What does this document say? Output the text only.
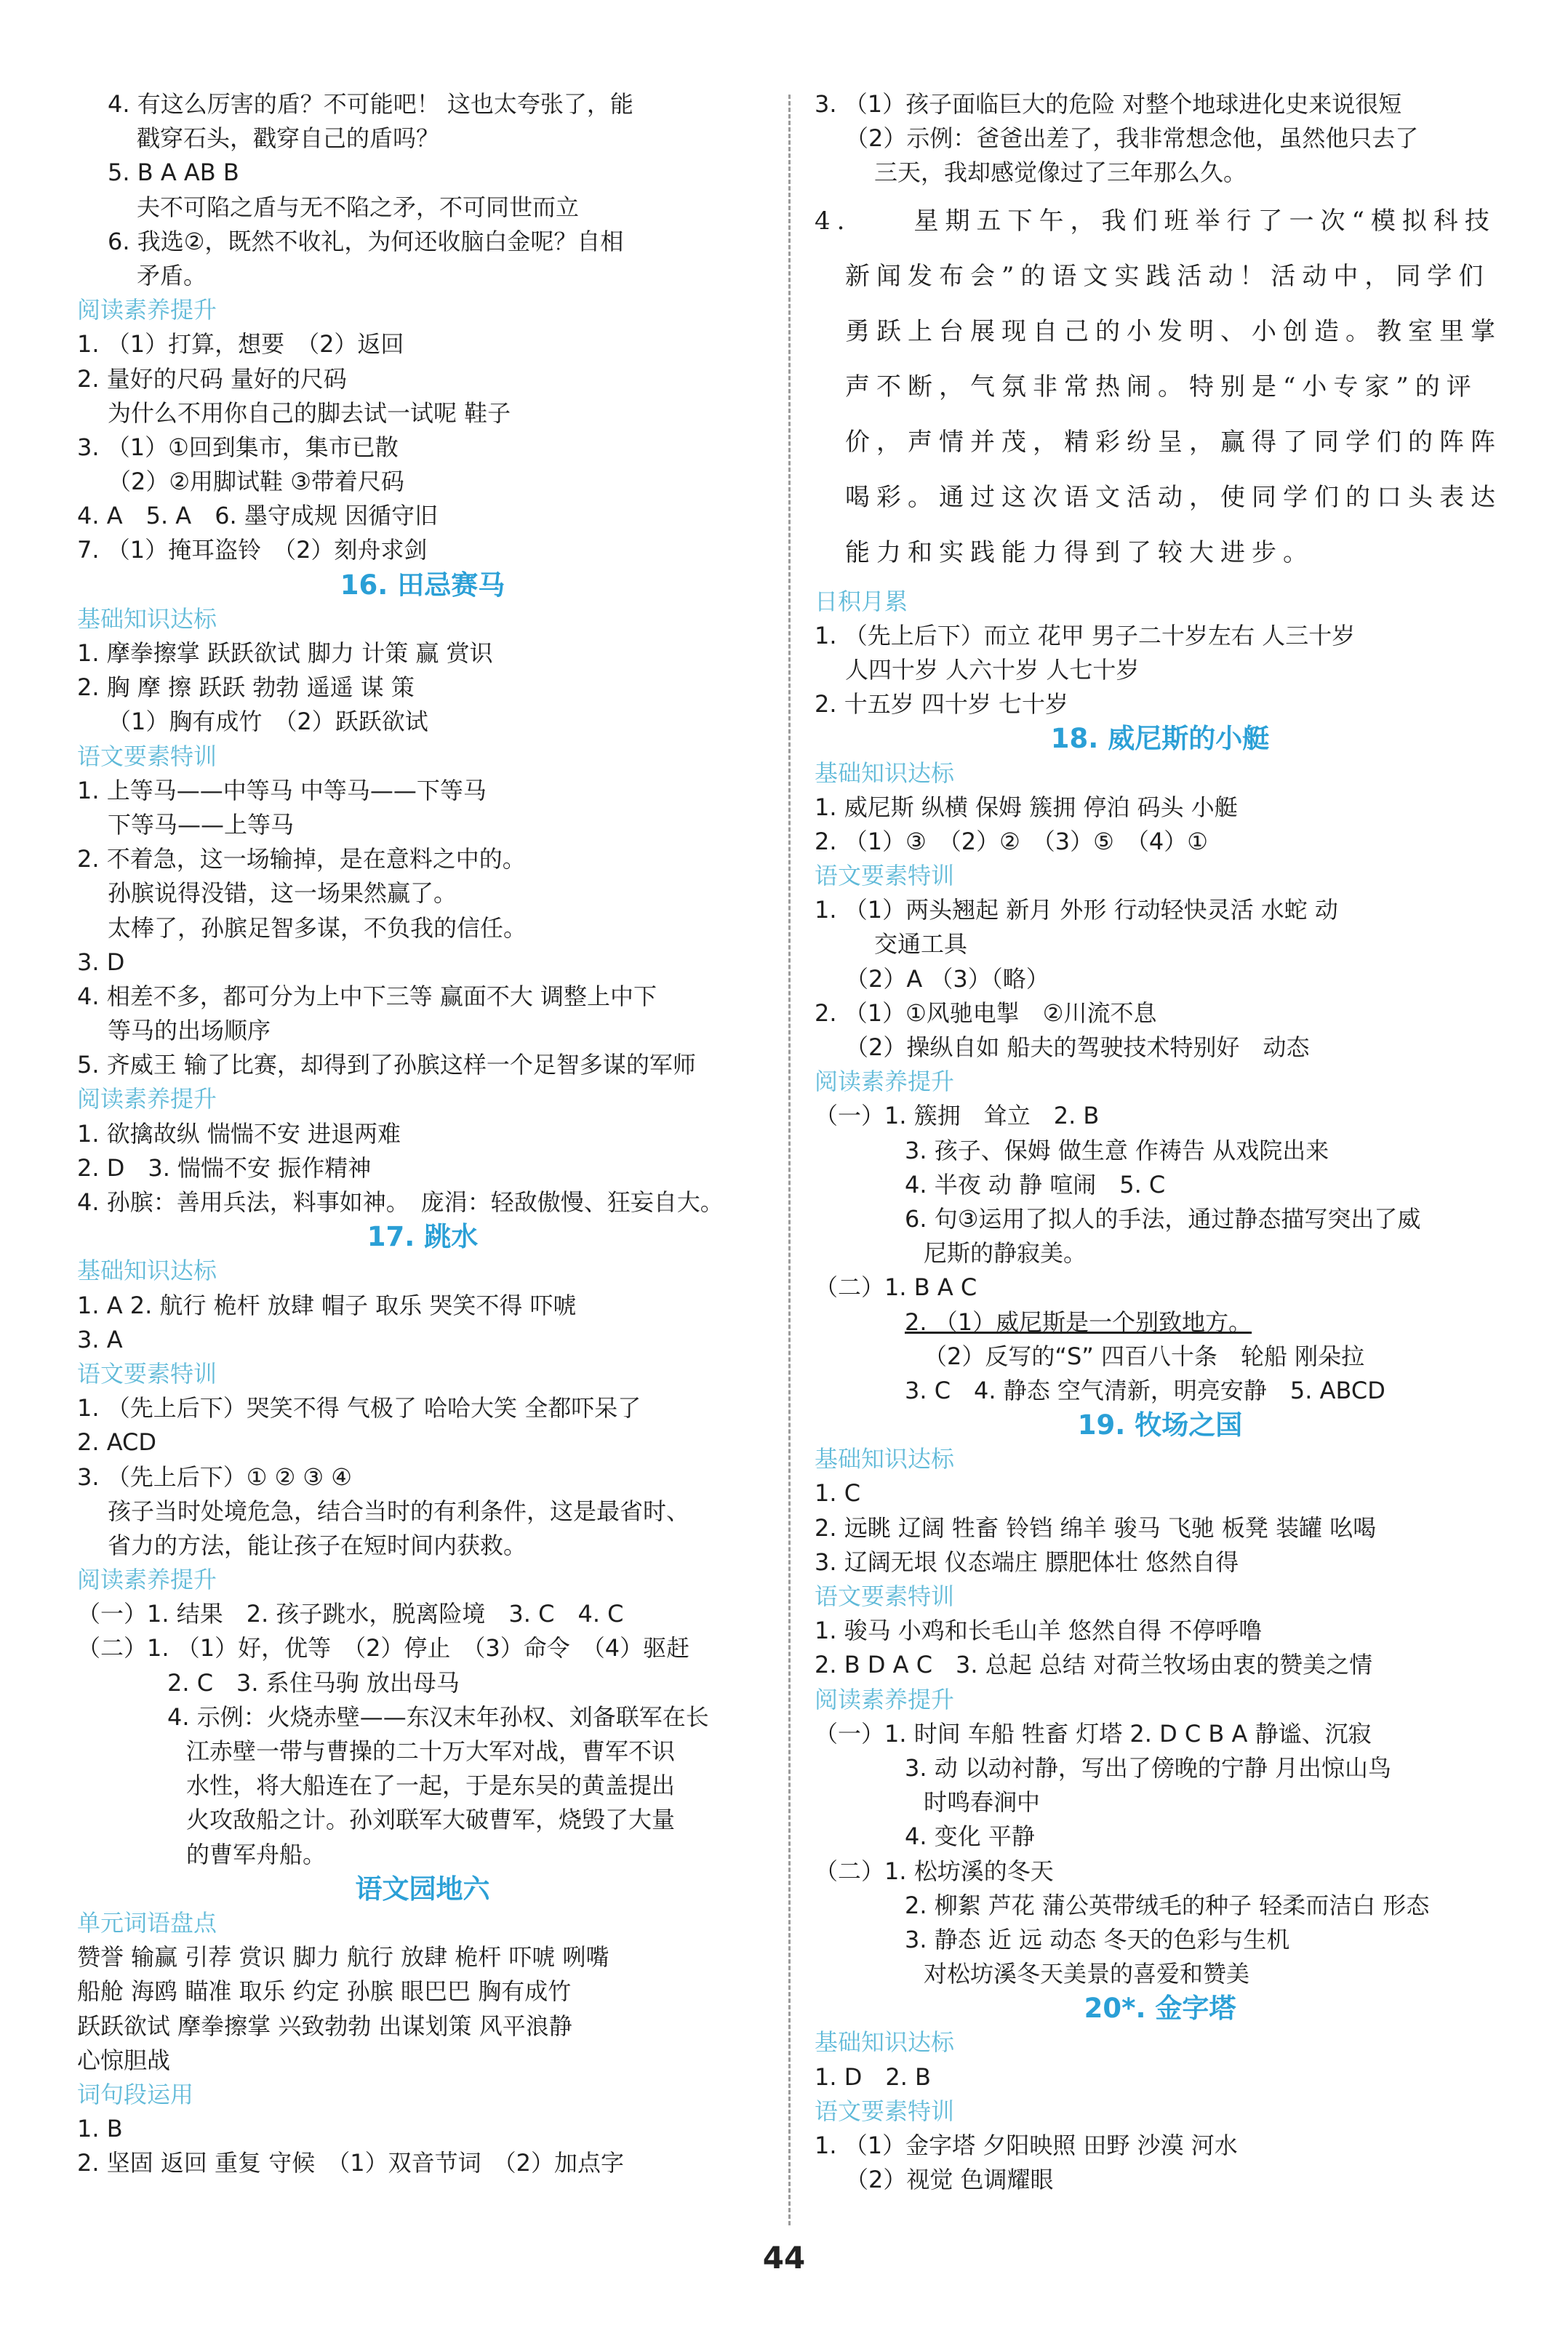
4. 有这么厉害的盾？不可能吧！ 这也太夸张了，能
戳穿石头，戳穿自己的盾吗？
5. B A AB B
夫不可陷之盾与无不陷之矛，不可同世而立
6. 我选②，既然不收礼，为何还收脑白金呢？自相
矛盾。
阅读素养提升
1. （1）打算，想要　（2）返回
2. 量好的尺码 量好的尺码
为什么不用你自己的脚去试一试呢 鞋子
3. （1）①回到集市，集市已散
（2）②用脚试鞋 ③带着尺码
4. A　5. A　6. 墨守成规 因循守旧
7. （1）掩耳盗铃　（2）刻舟求剑
16. 田忌赛马
基础知识达标
1. 摩拳擦掌 跃跃欲试 脚力 计策 赢 赏识
2. 胸 摩 擦 跃跃 勃勃 遥遥 谋 策
（1）胸有成竹　（2）跃跃欲试
语文要素特训
1. 上等马——中等马 中等马——下等马
下等马——上等马
2. 不着急，这一场输掉，是在意料之中的。
孙膑说得没错，这一场果然赢了。
太棒了，孙膑足智多谋，不负我的信任。
3. D
4. 相差不多，都可分为上中下三等 赢面不大 调整上中下
等马的出场顺序
5. 齐威王 输了比赛，却得到了孙膑这样一个足智多谋的军师
阅读素养提升
1. 欲擒故纵 惴惴不安 进退两难
2. D　3. 惴惴不安 振作精神
4. 孙膑：善用兵法，料事如神。　庞涓：轻敌傲慢、狂妄自大。
17. 跳水
基础知识达标
1. A 2. 航行 桅杆 放肆 帽子 取乐 哭笑不得 吓唬
3. A
语文要素特训
1. （先上后下）哭笑不得 气极了 哈哈大笑 全都吓呆了
2. ACD
3. （先上后下）① ② ③ ④
孩子当时处境危急，结合当时的有利条件，这是最省时、
省力的方法，能让孩子在短时间内获救。
阅读素养提升
（一）1. 结果　2. 孩子跳水，脱离险境　3. C　4. C
（二）1. （1）好，优等　（2）停止　（3）命令　（4）驱赶
2. C　3. 系住马驹 放出母马
4. 示例：火烧赤壁——东汉末年孙权、刘备联军在长
江赤壁一带与曹操的二十万大军对战，曹军不识
水性，将大船连在了一起，于是东吴的黄盖提出
火攻敌船之计。孙刘联军大破曹军，烧毁了大量
的曹军舟船。
语文园地六
单元词语盘点
赞誉 输赢 引荐 赏识 脚力 航行 放肆 桅杆 吓唬 咧嘴
船舱 海鸥 瞄准 取乐 约定 孙膑 眼巴巴 胸有成竹
跃跃欲试 摩拳擦掌 兴致勃勃 出谋划策 风平浪静
心惊胆战
词句段运用
1. B
2. 坚固 返回 重复 守候　（1）双音节词　（2）加点字
3. （1）孩子面临巨大的危险 对整个地球进化史来说很短
（2）示例：爸爸出差了，我非常想念他，虽然他只去了
三天，我却感觉像过了三年那么久。
4.　　星期五下午，我们班举行了一次“模拟科技
新闻发布会”的语文实践活动！活动中，同学们
勇跃上台展现自己的小发明、小创造。教室里掌
声不断，气氛非常热闹。特别是“小专家”的评
价，声情并茂，精彩纷呈，赢得了同学们的阵阵
喝彩。通过这次语文活动，使同学们的口头表达
能力和实践能力得到了较大进步。
日积月累
1. （先上后下）而立 花甲 男子二十岁左右 人三十岁
人四十岁 人六十岁 人七十岁
2. 十五岁 四十岁 七十岁
18. 威尼斯的小艇
基础知识达标
1. 威尼斯 纵横 保姆 簇拥 停泊 码头 小艇
2. （1）③　（2）②　（3）⑤　（4）①
语文要素特训
1. （1）两头翘起 新月 外形 行动轻快灵活 水蛇 动
交通工具
（2）A （3）（略）
2. （1）①风驰电掣　②川流不息
（2）操纵自如 船夫的驾驶技术特别好　动态
阅读素养提升
（一）1. 簇拥　耸立　2. B
3. 孩子、保姆 做生意 作祷告 从戏院出来
4. 半夜 动 静 喧闹　5. C
6. 句③运用了拟人的手法，通过静态描写突出了威
尼斯的静寂美。
（二）1. B A C
2. （1）威尼斯是一个别致地方。
（2）反写的“S” 四百八十条　轮船 刚朵拉
3. C　4. 静态 空气清新，明亮安静　5. ABCD
19. 牧场之国
基础知识达标
1. C
2. 远眺 辽阔 牲畜 铃铛 绵羊 骏马 飞驰 板凳 装罐 吆喝
3. 辽阔无垠 仪态端庄 膘肥体壮 悠然自得
语文要素特训
1. 骏马 小鸡和长毛山羊 悠然自得 不停呼噜
2. B D A C　3. 总起 总结 对荷兰牧场由衷的赞美之情
阅读素养提升
（一）1. 时间 车船 牲畜 灯塔 2. D C B A 静谧、沉寂
3. 动 以动衬静，写出了傍晚的宁静 月出惊山鸟
时鸣春涧中
4. 变化 平静
（二）1. 松坊溪的冬天
2. 柳絮 芦花 蒲公英带绒毛的种子 轻柔而洁白 形态
3. 静态 近 远 动态 冬天的色彩与生机
对松坊溪冬天美景的喜爱和赞美
20*. 金字塔
基础知识达标
1. D　2. B
语文要素特训
1. （1）金字塔 夕阳映照 田野 沙漠 河水
（2）视觉 色调耀眼
44
